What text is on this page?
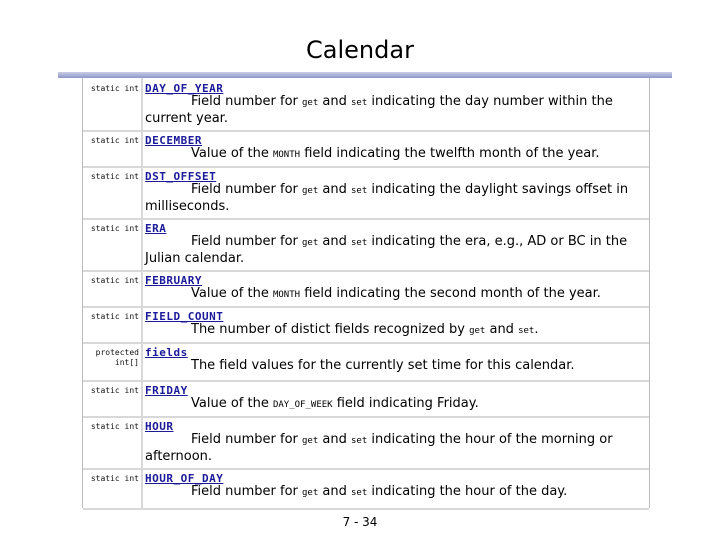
Calendar
static int DAY_OF_YEAR
Field number for get and set indicating the day number within the
current year.
static int DECEMBER
Value of the MONTH field indicating the twelfth month of the year.
static int DST_OFFSET
Field number for get and set indicating the daylight savings offset in
milliseconds.
static int ERA
Field number for get and set indicating the era, e.g., AD or BC in the
Julian calendar.
static int FEBRUARY
Value of the MONTH field indicating the second month of the year.
static int FIELD_COUNT
The number of distict fields recognized by get and set.
protected int[]
fields
The field values for the currently set time for this calendar.
static int FRIDAY
Value of the DAY_OF_WEEK field indicating Friday.
static int HOUR
Field number for get and set indicating the hour of the morning or
afternoon.
static int HOUR_OF_DAY
Field number for get and set indicating the hour of the day.
7 - 34
